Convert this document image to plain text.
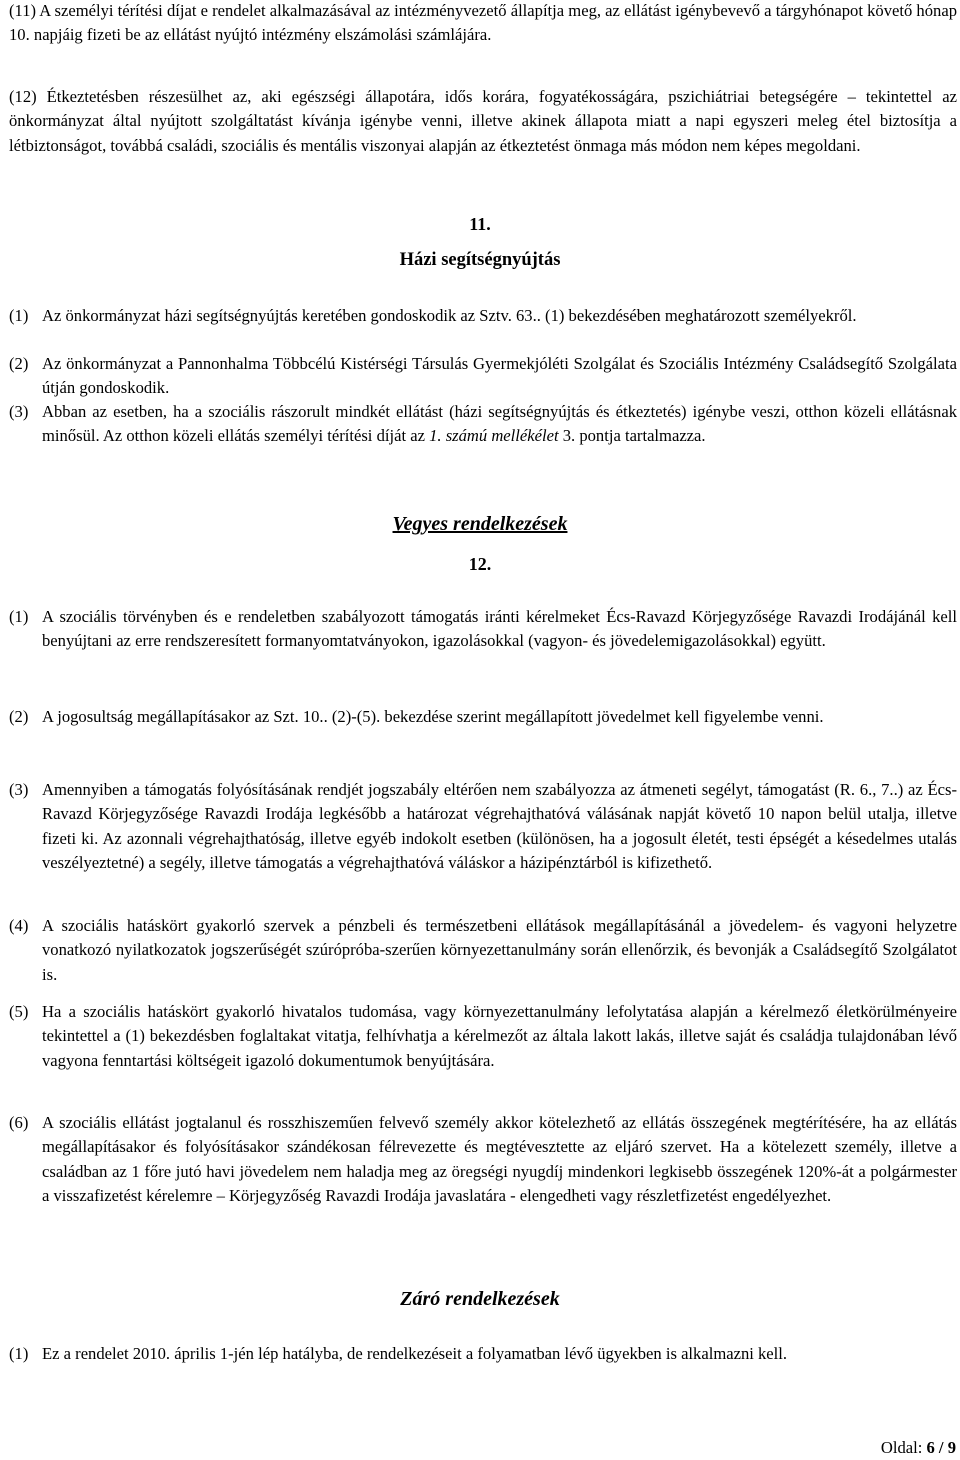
(11) A személyi térítési díjat e rendelet alkalmazásával az intézményvezető állapítja meg, az ellátást igénybevevő a tárgyhónapot követő hónap 10. napjáig fizeti be az ellátást nyújtó intézmény elszámolási számlájára.

(12) Étkeztetésben részesülhet az, aki egészségi állapotára, idős korára, fogyatékosságára, pszichiátriai betegségére – tekintettel az önkormányzat által nyújtott szolgáltatást kívánja igénybe venni, illetve akinek állapota miatt a napi egyszeri meleg étel biztosítja a létbiztonságot, továbbá családi, szociális és mentális viszonyai alapján az étkeztetést önmaga más módon nem képes megoldani.

11.

Házi segítségnyújtás

(1) Az önkormányzat házi segítségnyújtás keretében gondoskodik az Sztv. 63.. (1) bekezdésében meghatározott személyekről.
(2) Az önkormányzat a Pannonhalma Többcélú Kistérségi Társulás Gyermekjóléti Szolgálat és Szociális Intézmény Családsegítő Szolgálata útján gondoskodik.
(3) Abban az esetben, ha a szociális rászorult mindkét ellátást (házi segítségnyújtás és étkeztetés) igénybe veszi, otthon közeli ellátásnak minősül. Az otthon közeli ellátás személyi térítési díját az 1. számú mellékélet 3. pontja tartalmazza.

Vegyes rendelkezések

12.

(1) A szociális törvényben és e rendeletben szabályozott támogatás iránti kérelmeket Écs-Ravazd Körjegyzősége Ravazdi Irodájánál kell benyújtani az erre rendszeresített formanyomtatványokon, igazolásokkal (vagyon- és jövedelemigazolásokkal) együtt.
(2) A jogosultság megállapításakor az Szt. 10.. (2)-(5). bekezdése szerint megállapított jövedelmet kell figyelembe venni.
(3) Amennyiben a támogatás folyósításának rendjét jogszabály eltérően nem szabályozza az átmeneti segélyt, támogatást (R. 6., 7..) az Écs-Ravazd Körjegyzősége Ravazdi Irodája legkésőbb a határozat végrehajthatóvá válásának napját követő 10 napon belül utalja, illetve fizeti ki. Az azonnali végrehajthatóság, illetve egyéb indokolt esetben (különösen, ha a jogosult életét, testi épségét a késedelmes utalás veszélyeztetné) a segély, illetve támogatás a végrehajthatóvá váláskor a házipénztárból is kifizethető.
(4) A szociális hatáskört gyakorló szervek a pénzbeli és természetbeni ellátások megállapításánál a jövedelem- és vagyoni helyzetre vonatkozó nyilatkozatok jogszerűségét szúrópróba-szerűen környezettanulmány során ellenőrzik, és bevonják a Családsegítő Szolgálatot is.
(5) Ha a szociális hatáskört gyakorló hivatalos tudomása, vagy környezettanulmány lefolytatása alapján a kérelmező életkörülményeire tekintettel a (1) bekezdésben foglaltakat vitatja, felhívhatja a kérelmezőt az általa lakott lakás, illetve saját és családja tulajdonában lévő vagyona fenntartási költségeit igazoló dokumentumok benyújtására.
(6) A szociális ellátást jogtalanul és rosszhiszeműen felvevő személy akkor kötelezhető az ellátás összegének megtérítésére, ha az ellátás megállapításakor és folyósításakor szándékosan félrevezette és megtévesztette az eljáró szervet. Ha a kötelezett személy, illetve a családban az 1 főre jutó havi jövedelem nem haladja meg az öregségi nyugdíj mindenkori legkisebb összegének 120%-át a polgármester a visszafizetést kérelemre – Körjegyzőség Ravazdi Irodája javaslatára - elengedheti vagy részletfizetést engedélyezhet.

Záró rendelkezések

(1) Ez a rendelet 2010. április 1-jén lép hatályba, de rendelkezéseit a folyamatban lévő ügyekben is alkalmazni kell.
Oldal: 6 / 9
